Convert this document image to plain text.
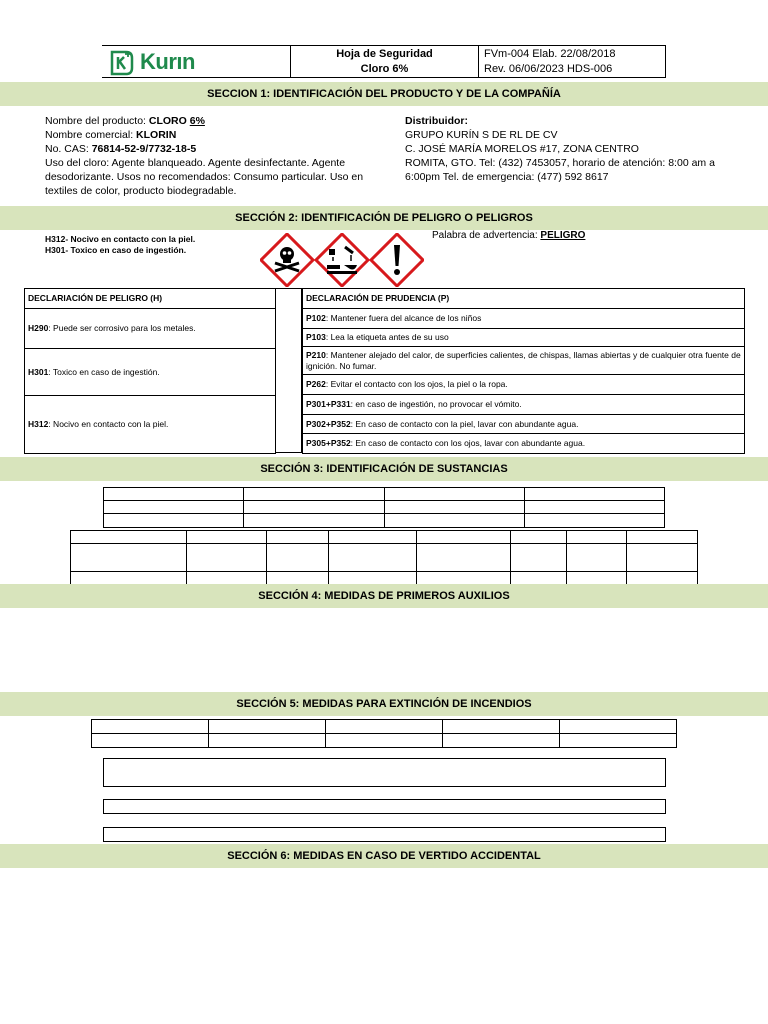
Kurın	Hoja de Seguridad
Cloro 6%
FVm-004 Elab. 22/08/2018
Rev. 06/06/2023 HDS-006
SECCION 1: IDENTIFICACIÓN DEL PRODUCTO Y DE LA COMPAÑÍA
Nombre del producto: CLORO 6%
Nombre comercial: KLORIN
No. CAS: 76814-52-9/7732-18-5
Uso del cloro: Agente blanqueado. Agente desinfectante. Agente
desodorizante. Usos no recomendados: Consumo particular. Uso en
textiles de color, producto biodegradable.
Distribuidor:
GRUPO KURÍN S DE RL DE CV
C. JOSÉ MARÍA MORELOS #17, ZONA CENTRO
ROMITA, GTO. Tel: (432) 7453057, horario de atención: 8:00 am a
6:00pm Tel. de emergencia: (477) 592 8617
SECCIÓN 2: IDENTIFICACIÓN DE PELIGRO O PELIGROS
H312- Nocivo en contacto con la piel.
H301- Toxico en caso de ingestión.
Palabra de advertencia: PELIGRO
DECLARIACIÓN DE PELIGRO (H)
H290: Puede ser corrosivo para los metales.
H301: Toxico en caso de ingestión.
H312: Nocivo en contacto con la piel.
DECLARACIÓN DE PRUDENCIA (P)
P102: Mantener fuera del alcance de los niños
P103: Lea la etiqueta antes de su uso
P210: Mantener alejado del calor, de superficies calientes, de chispas, llamas abiertas y de cualquier otra fuente de ignición. No fumar.
P262: Evitar el contacto con los ojos, la piel o la ropa.
P301+P331: en caso de ingestión, no provocar el vómito.
P302+P352: En caso de contacto con la piel, lavar con abundante agua.
P305+P352: En caso de contacto con los ojos, lavar con abundante agua.
SECCIÓN 3: IDENTIFICACIÓN DE SUSTANCIAS

SECCIÓN 4: MEDIDAS DE PRIMEROS AUXILIOS
SECCIÓN 5: MEDIDAS PARA EXTINCIÓN DE INCENDIOS

SECCIÓN 6: MEDIDAS EN CASO DE VERTIDO ACCIDENTAL
